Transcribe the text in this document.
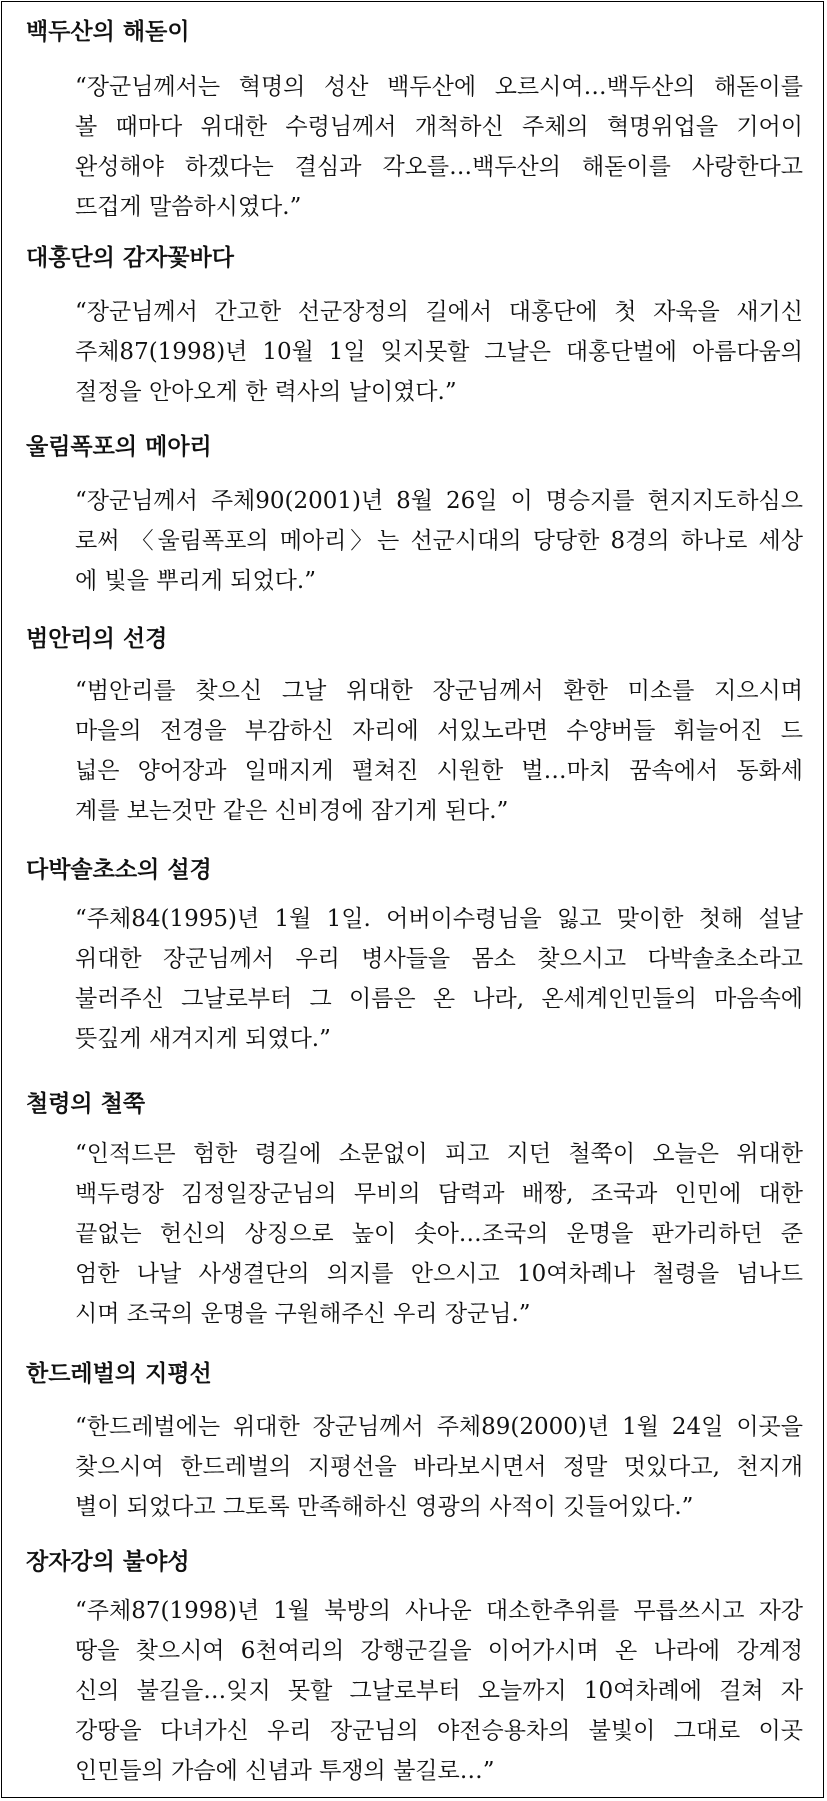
백두산의 해돋이

“장군님께서는 혁명의 성산 백두산에 오르시여…백두산의 해돋이를
볼 때마다 위대한 수령님께서 개척하신 주체의 혁명위업을 기어이
완성해야 하겠다는 결심과 각오를…백두산의 해돋이를 사랑한다고
뜨겁게 말씀하시였다.”

대홍단의 감자꽃바다

“장군님께서 간고한 선군장정의 길에서 대홍단에 첫 자욱을 새기신
주체87(1998)년 10월 1일 잊지못할 그날은 대홍단벌에 아름다움의
절정을 안아오게 한 력사의 날이였다.”

울림폭포의 메아리

“장군님께서 주체90(2001)년 8월 26일 이 명승지를 현지지도하심으
로써 〈울림폭포의 메아리〉는 선군시대의 당당한 8경의 하나로 세상
에 빛을 뿌리게 되었다.”

범안리의 선경

“범안리를 찾으신 그날 위대한 장군님께서 환한 미소를 지으시며
마을의 전경을 부감하신 자리에 서있노라면 수양버들 휘늘어진 드
넓은 양어장과 일매지게 펼쳐진 시원한 벌…마치 꿈속에서 동화세
계를 보는것만 같은 신비경에 잠기게 된다.”

다박솔초소의 설경

“주체84(1995)년 1월 1일. 어버이수령님을 잃고 맞이한 첫해 설날
위대한 장군님께서 우리 병사들을 몸소 찾으시고 다박솔초소라고
불러주신 그날로부터 그 이름은 온 나라, 온세계인민들의 마음속에
뜻깊게 새겨지게 되였다.”

철령의 철쭉

“인적드믄 험한 령길에 소문없이 피고 지던 철쭉이 오늘은 위대한
백두령장 김정일장군님의 무비의 담력과 배짱, 조국과 인민에 대한
끝없는 헌신의 상징으로 높이 솟아…조국의 운명을 판가리하던 준
엄한 나날 사생결단의 의지를 안으시고 10여차례나 철령을 넘나드
시며 조국의 운명을 구원해주신 우리 장군님.”

한드레벌의 지평선

“한드레벌에는 위대한 장군님께서 주체89(2000)년 1월 24일 이곳을
찾으시여 한드레벌의 지평선을 바라보시면서 정말 멋있다고, 천지개
별이 되었다고 그토록 만족해하신 영광의 사적이 깃들어있다.”

장자강의 불야성

“주체87(1998)년 1월 북방의 사나운 대소한추위를 무릅쓰시고 자강
땅을 찾으시여 6천여리의 강행군길을 이어가시며 온 나라에 강계정
신의 불길을…잊지 못할 그날로부터 오늘까지 10여차례에 걸쳐 자
강땅을 다녀가신 우리 장군님의 야전승용차의 불빛이 그대로 이곳
인민들의 가슴에 신념과 투쟁의 불길로…”
